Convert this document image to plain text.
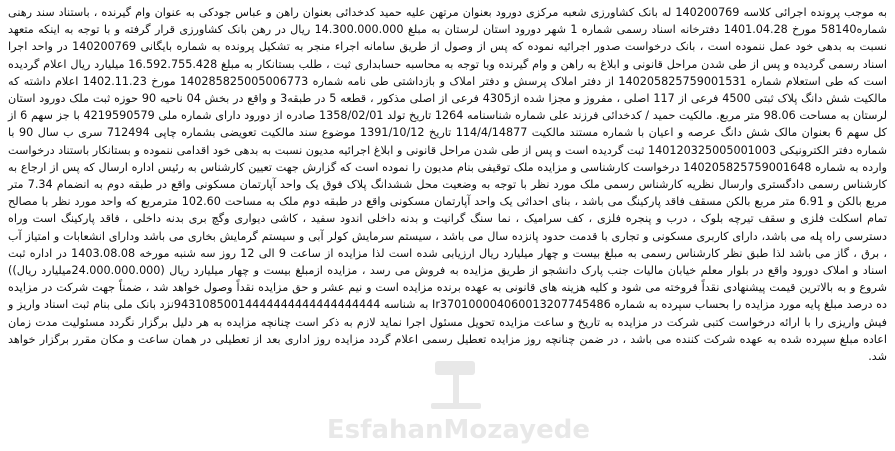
به موجب پرونده اجرائی کلاسه 140200769 له بانک کشاورزی شعبه مرکزی دورود بعنوان مرتهن علیه حمید کدخدائی بعنوان راهن و عباس جودکی به عنوان وام گیرنده ، باستناد سند رهنی شماره58140 مورخ 1401.04.28 دفترخانه اسناد رسمی شماره 1 شهر دورود استان لرستان به مبلغ 14.300.000.000 ریال در رهن بانک کشاورزی قرار گرفته و با توجه به اینکه متعهد نسبت به بدهی خود عمل ننموده است ، بانک درخواست صدور اجرائیه نموده که پس از وصول از طریق سامانه اجراء منجر به تشکیل پرونده به شماره بایگانی 140200769 در واحد اجرا اسناد رسمی گردیده و پس از طی شدن مراحل قانونی و ابلاغ به راهن و وام گیرنده وبا توجه به محاسبه حسابداری ثبت ، طلب بستانکار به مبلغ 16.592.755.428 میلیارد ریال اعلام گردیده است که طی استعلام شماره 140205825759001531 از دفتر املاک پرسش و دفتر املاک و بازداشتی طی نامه شماره 140285825005006773 مورخ 1402.11.23 اعلام داشته که مالکیت شش دانگ پلاک ثبتی 4500 فرعی از 117 اصلی ، مفروز و مجزا شده از4305 فرعی از اصلی مذکور ، قطعه 5 در طبقه3 و واقع در بخش 04 ناحیه 90 حوزه ثبت ملک دورود استان لرستان به مساحت 98.06 متر مربع. مالکیت حمید / کدخدائی فرزند علی شماره شناسنامه 1264 تاریخ تولد 1358/02/01 صادره از دورود دارای شماره ملی 4219590579 با جز سهم 6 از کل سهم 6 بعنوان مالک شش دانگ عرصه و اعیان با شماره مستند مالکیت 114/4/14877 تاریخ 1391/10/12 موضوع سند مالکیت تعویضی بشماره چاپی 712494 سری ب سال 90 با شماره دفتر الکترونیکی 140120325005001003 ثبت گردیده است و پس از طی شدن مراحل قانونی و ابلاغ اجرائیه مدیون نسبت به بدهی خود اقدامی ننموده و بستانکار باستناد درخواست وارده به شماره 140205825759001648 درخواست کارشناسی و مزایده ملک توقیفی بنام مدیون را نموده است که گزارش جهت تعیین کارشناس به رئیس اداره ارسال که پس از ارجاع به کارشناس رسمی دادگستری وارسال نظریه کارشناس رسمی ملک مورد نظر با توجه به وضعیت محل ششدانگ پلاک فوق یک واحد آپارتمان مسکونی واقع در طبقه دوم به انضمام 7.34 متر مربع بالکن و 6.91 متر مربع بالکن مسقف فاقد پارکینگ می باشد ، بنای احداثی یک واحد آپارتمان مسکونی واقع در طبقه دوم ملک به مساحت 102.60 مترمربع که واحد مورد نظر با مصالح تمام اسکلت فلزی و سقف تیرچه بلوک ، درب و پنجره فلزی ، کف سرامیک ، نما سنگ گرانیت و بدنه داخلی اندود سفید ، کاشی دیواری وگچ بری بدنه داخلی ، فاقد پارکینگ است وراه دسترسی راه پله می باشد، دارای کاربری مسکونی و تجاری با قدمت حدود پانزده سال می باشد ، سیستم سرمایش کولر آبی و سیستم گرمایش بخاری می باشد ودارای انشعابات و امتیاز آب ، برق ، گاز می باشد لذا طبق نظر کارشناس رسمی به مبلغ بیست و چهار میلیارد ریال ارزیابی شده است لذا مزایده از ساعت 9 الی 12 روز سه شنبه مورخه 1403.08.08 در اداره ثبت اسناد و املاک دورود واقع در بلوار معلم خیابان مالیات جنب پارک دانشجو از طریق مزایده به فروش می رسد ، مزایده ازمبلغ بیست و چهار میلیارد ریال (24.000.000.000میلیارد ریال)) شروع و به بالاترین قیمت پیشنهادی نقداً فروخته می شود و کلیه هزینه های قانونی به عهده برنده مزایده است و نیم عشر و حق مزایده نقداً وصول خواهد شد ، ضمناً جهت شرکت در مزایده ده درصد مبلغ پایه مورد مزایده را بحساب سپرده به شماره Ir370100004060013207745486 به شناسه 94310850014444444444444444444نزد بانک ملی بنام ثبت اسناد واریز و فیش واریزی را با ارائه درخواست کتبی شرکت در مزایده به تاریخ و ساعت مزایده تحویل مسئول اجرا نماید لازم به ذکر است چنانچه مزایده به هر دلیل برگزار نگردد مسئولیت مدت زمان اعاده مبلغ سپرده شده به عهده شرکت کننده می باشد ، در ضمن چنانچه روز مزایده تعطیل رسمی اعلام گردد مزایده روز اداری بعد از تعطیلی در همان ساعت و مکان مقرر برگزار خواهد شد.

EsfahanMozayede
